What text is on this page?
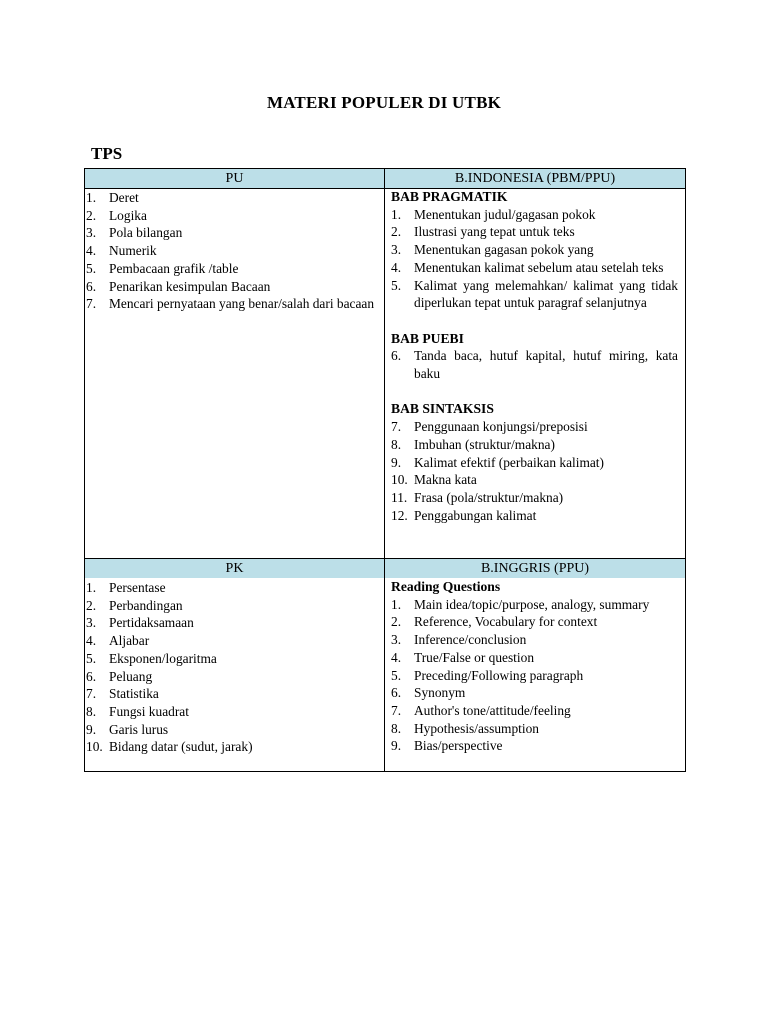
MATERI POPULER DI UTBK
TPS
PU	B.INDONESIA (PBM/PPU)
PK	B.INGGRIS (PPU)
1. Deret
2. Logika
3. Pola bilangan
4. Numerik
5. Pembacaan grafik /table
6. Penarikan kesimpulan Bacaan
7. Mencari pernyataan yang benar/salah dari bacaan
BAB PRAGMATIK
1. Menentukan judul/gagasan pokok
2. Ilustrasi yang tepat untuk teks
3. Menentukan gagasan pokok yang
4. Menentukan kalimat sebelum atau setelah teks
5. Kalimat yang melemahkan/ kalimat yang tidak diperlukan tepat untuk paragraf selanjutnya
BAB PUEBI
6. Tanda baca, hutuf kapital, hutuf miring, kata baku
BAB SINTAKSIS
7. Penggunaan konjungsi/preposisi
8. Imbuhan (struktur/makna)
9. Kalimat efektif (perbaikan kalimat)
10. Makna kata
11. Frasa (pola/struktur/makna)
12. Penggabungan kalimat
1. Persentase
2. Perbandingan
3. Pertidaksamaan
4. Aljabar
5. Eksponen/logaritma
6. Peluang
7. Statistika
8. Fungsi kuadrat
9. Garis lurus
10. Bidang datar (sudut, jarak)
Reading Questions
1. Main idea/topic/purpose, analogy, summary
2. Reference, Vocabulary for context
3. Inference/conclusion
4. True/False or question
5. Preceding/Following paragraph
6. Synonym
7. Author's tone/attitude/feeling
8. Hypothesis/assumption
9. Bias/perspective
